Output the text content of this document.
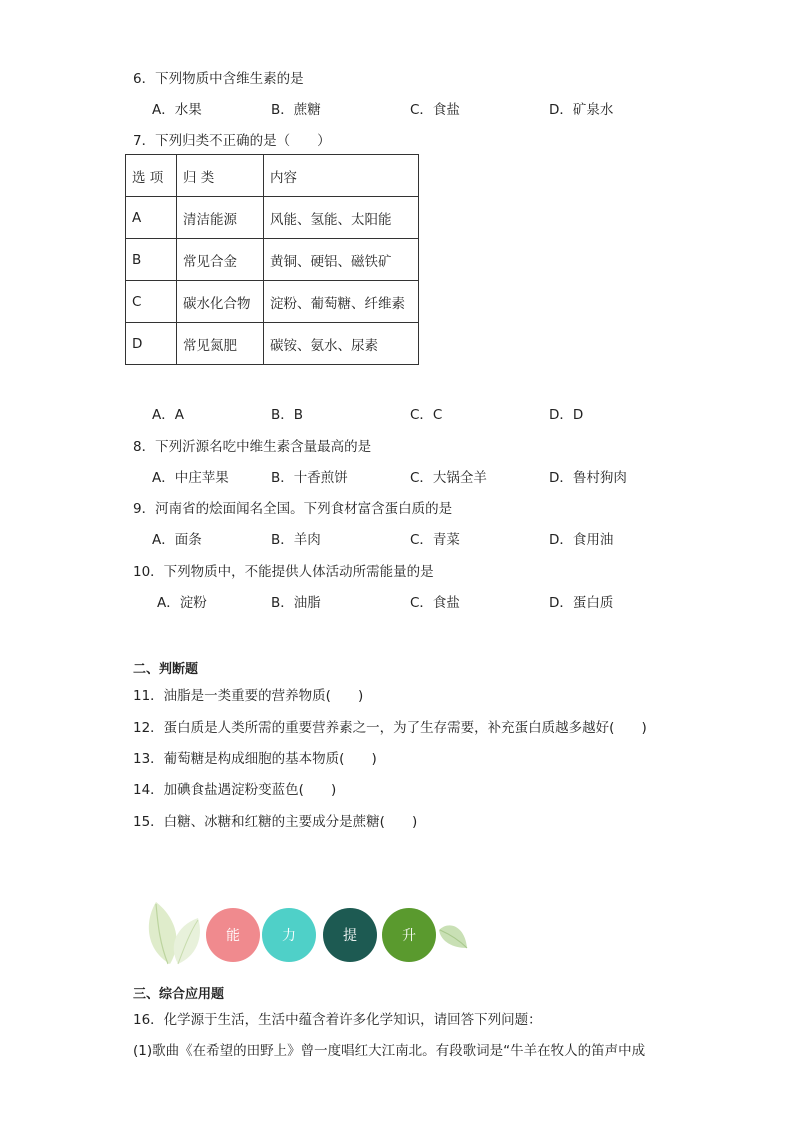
6．下列物质中含维生素的是
A．水果	B．蔗糖	C．食盐	D．矿泉水
7．下列归类不正确的是（　　）
选 项	归 类	内容
A	清洁能源	风能、氢能、太阳能
B	常见合金	黄铜、硬铝、磁铁矿
C	碳水化合物	淀粉、葡萄糖、纤维素
D	常见氮肥	碳铵、氨水、尿素
A．A	B．B	C．C	D．D
8．下列沂源名吃中维生素含量最高的是
A．中庄苹果	B．十香煎饼	C．大锅全羊	D．鲁村狗肉
9．河南省的烩面闻名全国。下列食材富含蛋白质的是
A．面条	B．羊肉	C．青菜	D．食用油
10．下列物质中，不能提供人体活动所需能量的是
A．淀粉	B．油脂	C．食盐	D．蛋白质
二、判断题
11．油脂是一类重要的营养物质(　　)
12．蛋白质是人类所需的重要营养素之一，为了生存需要，补充蛋白质越多越好(　　)
13．葡萄糖是构成细胞的基本物质(　　)
14．加碘食盐遇淀粉变蓝色(　　)
15．白糖、冰糖和红糖的主要成分是蔗糖(　　)
能	力	提	升
三、综合应用题
16．化学源于生活，生活中蕴含着许多化学知识，请回答下列问题：
(1)歌曲《在希望的田野上》曾一度唱红大江南北。有段歌词是“牛羊在牧人的笛声中成
